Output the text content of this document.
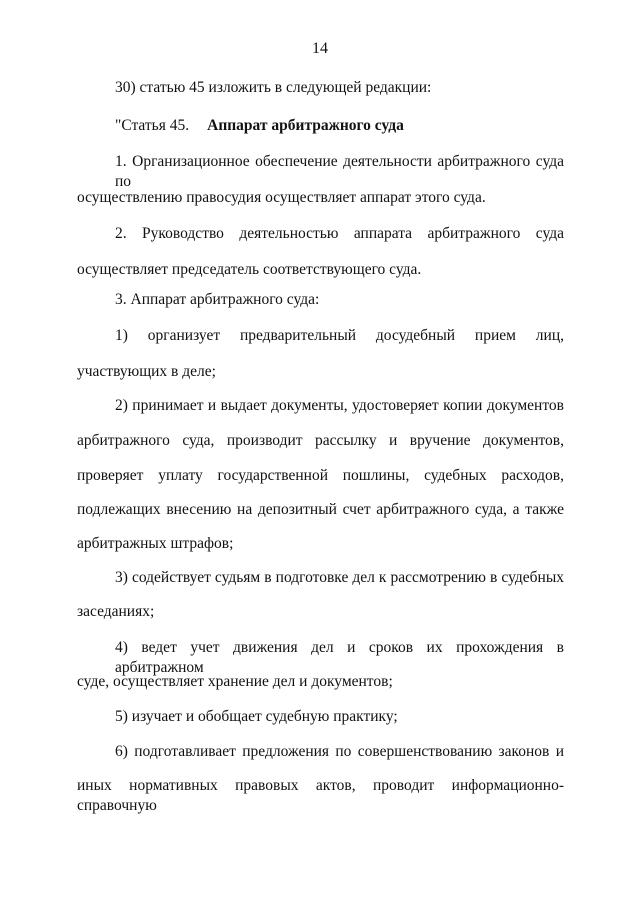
14
30) статью 45 изложить в следующей редакции:
"Статья 45. Аппарат арбитражного суда
1. Организационное обеспечение деятельности арбитражного суда по
осуществлению правосудия осуществляет аппарат этого суда.
2. Руководство деятельностью аппарата арбитражного суда
осуществляет председатель соответствующего суда.
3. Аппарат арбитражного суда:
1) организует предварительный досудебный прием лиц,
участвующих в деле;
2) принимает и выдает документы, удостоверяет копии документов
арбитражного суда, производит рассылку и вручение документов,
проверяет уплату государственной пошлины, судебных расходов,
подлежащих внесению на депозитный счет арбитражного суда, а также
арбитражных штрафов;
3) содействует судьям в подготовке дел к рассмотрению в судебных
заседаниях;
4) ведет учет движения дел и сроков их прохождения в арбитражном
суде, осуществляет хранение дел и документов;
5) изучает и обобщает судебную практику;
6) подготавливает предложения по совершенствованию законов и
иных нормативных правовых актов, проводит информационно-справочную
